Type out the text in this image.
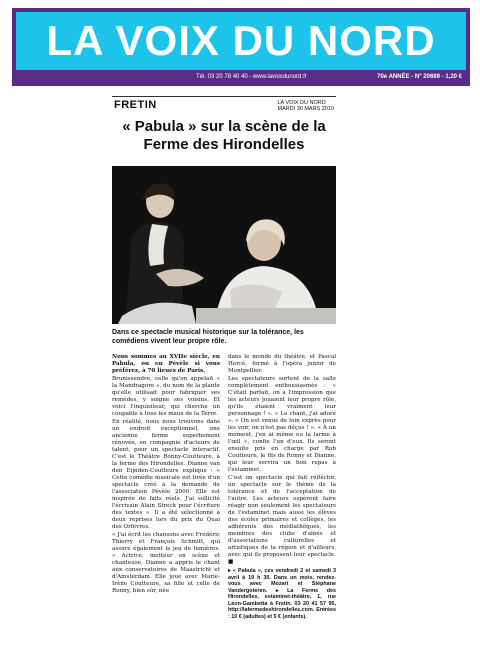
LA VOIX DU NORD
Tél. 03 20 78 40 40 - www.lavoixdunord.fr	70e ANNÉE - N° 20689 - 1,20 €
FRETIN	LA VOIX DU NORD
MARDI 30 MARS 2010
« Pabula » sur la scène de la Ferme des Hirondelles
Dans ce spectacle musical historique sur la tolérance, les comédiens vivent leur propre rôle.

Nous sommes au XVIIe siècle, en Pabula, ou en Pévèle si vous préférez, à 70 lieues de Paris.

Brunissendre, celle qu'on appelait « la Mandragore », du nom de la plante qu'elle utilisait pour fabriquer ses remèdes, y soigne ses voisins. Et voici l'inquisiteur, qui cherche un coupable à tous les maux de la Terre.

En réalité, nous nous trouvons dans un endroit exceptionnel, une ancienne ferme superbement rénovée, en compagnie d'acteurs de talent, pour un spectacle interactif. C'est le Théâtre Ronny-Coutteure, à la ferme des Hirondelles. Dianne van den Eijnden-Coutteure explique : « Cette comédie musicale est tirée d'un spectacle créé à la demande de l'association Pévèle 2000. Elle est inspirée de faits réels. J'ai sollicité l'écrivain Alain Streck pour l'écriture des textes ». Il a été sélectionné à deux reprises lors du prix du Quai des Orfèvres.

« J'ai écrit les chansons avec Frédéric Thierry et François Schmitt, qui assure également le jeu de lumières. » Actrice, metteur en scène et chanteuse, Dianne a appris le chant aux conservatoires de Maastricht et d'Amsterdam. Elle joue avec Marie-Irène Coutteure, sa fille et celle de Ronny, bien sûr, née

dans le monde du théâtre, et Pascal Hercé, formé à l'opéra junior de Montpellier.

Les spectateurs sortent de la salle complètement enthousiasmés : « C'était parfait, on a l'impression que les acteurs jouaient leur propre rôle, qu'ils étaient vraiment leur personnage ! ». « Le chant, j'ai adoré ». « On est venus de loin exprès pour les voir, on n'est pas déçus ! ». « À un moment, j'en ai même eu la larme à l'œil », confie l'un d'eux. Ils seront ensuite pris en charge par Rob Coutteure, le fils de Ronny et Dianne, qui leur servira un bon repas à l'estaminet.

C'est un spectacle qui fait réfléchir, un spectacle sur le thème de la tolérance et de l'acceptation de l'autre. Les acteurs espèrent faire réagir non seulement les spectateurs de l'estaminet mais aussi les élèves des écoles primaires et collèges, les adhérents des médiathèques, les membres des clubs d'aînés et d'associations culturelles et artistiques de la région et d'ailleurs, avec qui ils proposent leur spectacle. ■

▸ « Pabula », ces vendredi 2 et samedi 3 avril à 19 h 30. Dans un mois, rendez-vous avec Mozart et Stéphane Vandergoteren. ▸ La Ferme des Hirondelles, estaminet-théâtre, 1, rue Léon-Gambetta à Fretin. 03 20 41 57 95, http://lafermedeshirondelles.com. Entrées : 10 € (adultes) et 5 € (enfants).
